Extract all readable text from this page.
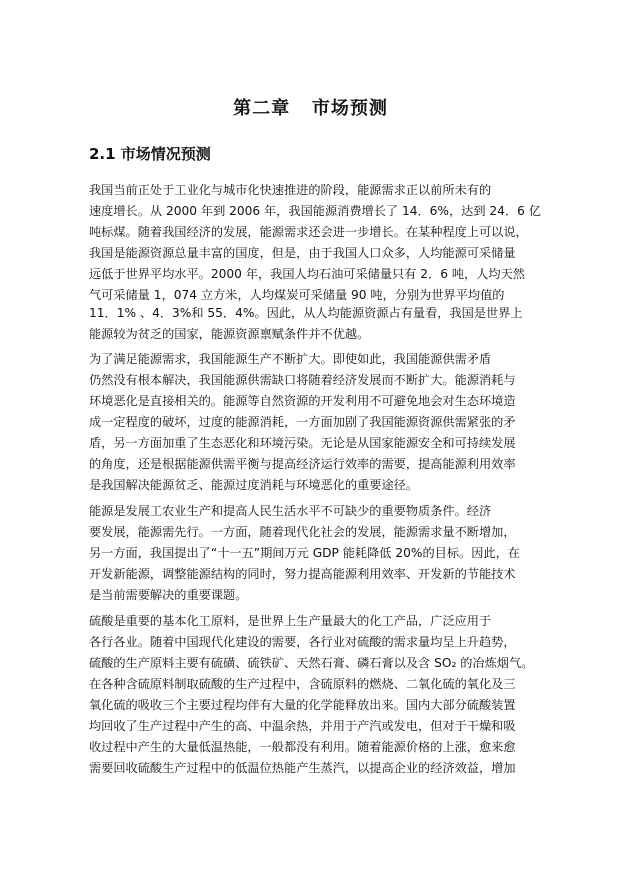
第二章   市场预测
2.1 市场情况预测
我国当前正处于工业化与城市化快速推进的阶段，能源需求正以前所未有的
速度增长。从 2000 年到 2006 年，我国能源消费增长了 14．6%，达到 24．6 亿
吨标煤。随着我国经济的发展，能源需求还会进一步增长。在某种程度上可以说，
我国是能源资源总量丰富的国度，但是，由于我国人口众多，人均能源可采储量
远低于世界平均水平。2000 年，我国人均石油可采储量只有 2．6 吨，人均天然
气可采储量 1，074 立方米，人均煤炭可采储量 90 吨，分别为世界平均值的
11．1% 、4．3%和 55．4%。因此，从人均能源资源占有量看，我国是世界上
能源较为贫乏的国家，能源资源禀赋条件并不优越。
为了满足能源需求，我国能源生产不断扩大。即使如此，我国能源供需矛盾
仍然没有根本解决，我国能源供需缺口将随着经济发展而不断扩大。能源消耗与
环境恶化是直接相关的。能源等自然资源的开发利用不可避免地会对生态环境造
成一定程度的破坏，过度的能源消耗，一方面加剧了我国能源资源供需紧张的矛
盾，另一方面加重了生态恶化和环境污染。无论是从国家能源安全和可持续发展
的角度，还是根据能源供需平衡与提高经济运行效率的需要，提高能源利用效率
是我国解决能源贫乏、能源过度消耗与环境恶化的重要途径。
能源是发展工农业生产和提高人民生活水平不可缺少的重要物质条件。经济
要发展，能源需先行。一方面，随着现代化社会的发展，能源需求量不断增加，
另一方面，我国提出了“十一五”期间万元 GDP 能耗降低 20%的目标。因此，在
开发新能源，调整能源结构的同时，努力提高能源利用效率、开发新的节能技术
是当前需要解决的重要课题。
硫酸是重要的基本化工原料，是世界上生产量最大的化工产品，广泛应用于
各行各业。随着中国现代化建设的需要，各行业对硫酸的需求量均呈上升趋势，
硫酸的生产原料主要有硫磺、硫铁矿、天然石膏、磷石膏以及含 SO₂ 的冶炼烟气。
在各种含硫原料制取硫酸的生产过程中，含硫原料的燃烧、二氧化硫的氧化及三
氧化硫的吸收三个主要过程均伴有大量的化学能释放出来。国内大部分硫酸装置
均回收了生产过程中产生的高、中温余热，并用于产汽或发电，但对于干燥和吸
收过程中产生的大量低温热能，一般都没有利用。随着能源价格的上涨，愈来愈
需要回收硫酸生产过程中的低温位热能产生蒸汽，以提高企业的经济效益，增加
